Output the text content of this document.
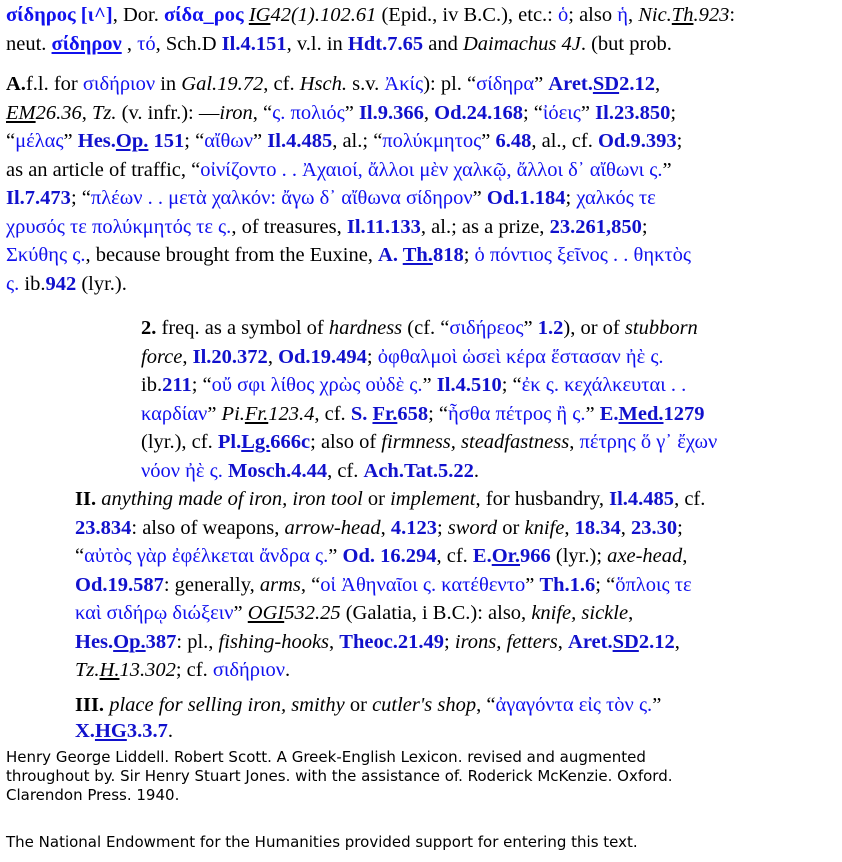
σίδηρος [ι^], Dor. σίδα_ρος IG42(1).102.61 (Epid., iv B.C.), etc.: ὁ; also ἡ, Nic.Th.923:

neut. σίδηρον , τό, Sch.D Il.4.151, v.l. in Hdt.7.65 and Daimachus 4J. (but prob.

A.f.l. for σιδήριον in Gal.19.72, cf. Hsch. s.v. Ἀκίς): pl. “σίδηρα” Aret.SD2.12,

EM26.36, Tz. (v. infr.): —iron, “ς. πολιός” Il.9.366, Od.24.168; “ἰόεις” Il.23.850;

“μέλας” Hes.Op. 151; “αἴθων” Il.4.485, al.; “πολύκμητος” 6.48, al., cf. Od.9.393;

as an article of traffic, “οἰνίζοντο . . Ἀχαιοί, ἄλλοι μὲν χαλκῷ, ἄλλοι δ᾽ αἴθωνι ς.”

Il.7.473; “πλέων . . μετὰ χαλκόν: ἄγω δ᾽ αἴθωνα σίδηρον” Od.1.184; χαλκός τε

χρυσός τε πολύκμητός τε ς., of treasures, Il.11.133, al.; as a prize, 23.261,850;

Σκύθης ς., because brought from the Euxine, A. Th.818; ὁ πόντιος ξεῖνος . . θηκτὸς

ς. ib.942 (lyr.).

2. freq. as a symbol of hardness (cf. “σιδήρεος” 1.2), or of stubborn

force, Il.20.372, Od.19.494; ὀφθαλμοὶ ὡσεὶ κέρα ἕστασαν ἠὲ ς.

ib.211; “οὔ σφι λίθος χρὼς οὐδὲ ς.” Il.4.510; “ἐκ ς. κεχάλκευται . .

καρδίαν” Pi.Fr.123.4, cf. S. Fr.658; “ἦσθα πέτρος ἢ ς.” E.Med.1279

(lyr.), cf. Pl.Lg.666c; also of firmness, steadfastness, πέτρης ὅ γ᾽ ἔχων

νόον ἠὲ ς. Mosch.4.44, cf. Ach.Tat.5.22.

II. anything made of iron, iron tool or implement, for husbandry, Il.4.485, cf.

23.834: also of weapons, arrow-head, 4.123; sword or knife, 18.34, 23.30;

“αὐτὸς γὰρ ἐφέλκεται ἄνδρα ς.” Od. 16.294, cf. E.Or.966 (lyr.); axe-head,

Od.19.587: generally, arms, “οἱ Ἀθηναῖοι ς. κατέθεντο” Th.1.6; “ὅπλοις τε

καὶ σιδήρῳ διώξειν” OGI532.25 (Galatia, i B.C.): also, knife, sickle,

Hes.Op.387: pl., fishing-hooks, Theoc.21.49; irons, fetters, Aret.SD2.12,

Tz.H.13.302; cf. σιδήριον.

III. place for selling iron, smithy or cutler's shop, “ἀγαγόντα εἰς τὸν ς.”

X.HG3.3.7.

Henry George Liddell. Robert Scott. A Greek-English Lexicon. revised and augmented
throughout by. Sir Henry Stuart Jones. with the assistance of. Roderick McKenzie. Oxford.
Clarendon Press. 1940.
The National Endowment for the Humanities provided support for entering this text.
